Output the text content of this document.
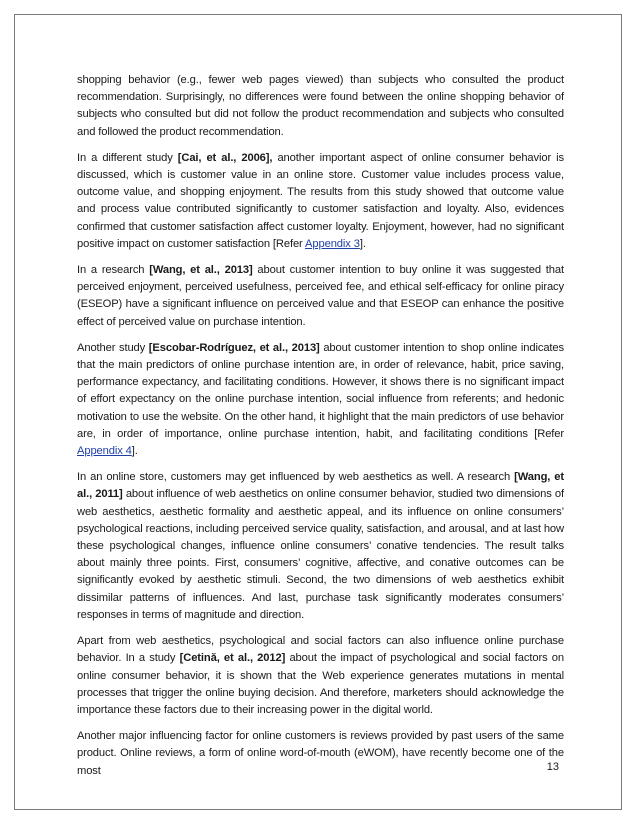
shopping behavior (e.g., fewer web pages viewed) than subjects who consulted the product recommendation. Surprisingly, no differences were found between the online shopping behavior of subjects who consulted but did not follow the product recommendation and subjects who consulted and followed the product recommendation.

In a different study [Cai, et al., 2006], another important aspect of online consumer behavior is discussed, which is customer value in an online store. Customer value includes process value, outcome value, and shopping enjoyment. The results from this study showed that outcome value and process value contributed significantly to customer satisfaction and loyalty. Also, evidences confirmed that customer satisfaction affect customer loyalty. Enjoyment, however, had no significant positive impact on customer satisfaction [Refer Appendix 3].

In a research [Wang, et al., 2013] about customer intention to buy online it was suggested that perceived enjoyment, perceived usefulness, perceived fee, and ethical self-efficacy for online piracy (ESEOP) have a significant influence on perceived value and that ESEOP can enhance the positive effect of perceived value on purchase intention.

Another study [Escobar-Rodríguez, et al., 2013] about customer intention to shop online indicates that the main predictors of online purchase intention are, in order of relevance, habit, price saving, performance expectancy, and facilitating conditions. However, it shows there is no significant impact of effort expectancy on the online purchase intention, social influence from referents; and hedonic motivation to use the website. On the other hand, it highlight that the main predictors of use behavior are, in order of importance, online purchase intention, habit, and facilitating conditions [Refer Appendix 4].

In an online store, customers may get influenced by web aesthetics as well. A research [Wang, et al., 2011] about influence of web aesthetics on online consumer behavior, studied two dimensions of web aesthetics, aesthetic formality and aesthetic appeal, and its influence on online consumers’ psychological reactions, including perceived service quality, satisfaction, and arousal, and at last how these psychological changes, influence online consumers’ conative tendencies. The result talks about mainly three points. First, consumers’ cognitive, affective, and conative outcomes can be significantly evoked by aesthetic stimuli. Second, the two dimensions of web aesthetics exhibit dissimilar patterns of influences. And last, purchase task significantly moderates consumers’ responses in terms of magnitude and direction.

Apart from web aesthetics, psychological and social factors can also influence online purchase behavior. In a study [Cetină, et al., 2012] about the impact of psychological and social factors on online consumer behavior, it is shown that the Web experience generates mutations in mental processes that trigger the online buying decision. And therefore, marketers should acknowledge the importance these factors due to their increasing power in the digital world.

Another major influencing factor for online customers is reviews provided by past users of the same product. Online reviews, a form of online word-of-mouth (eWOM), have recently become one of the most	13
